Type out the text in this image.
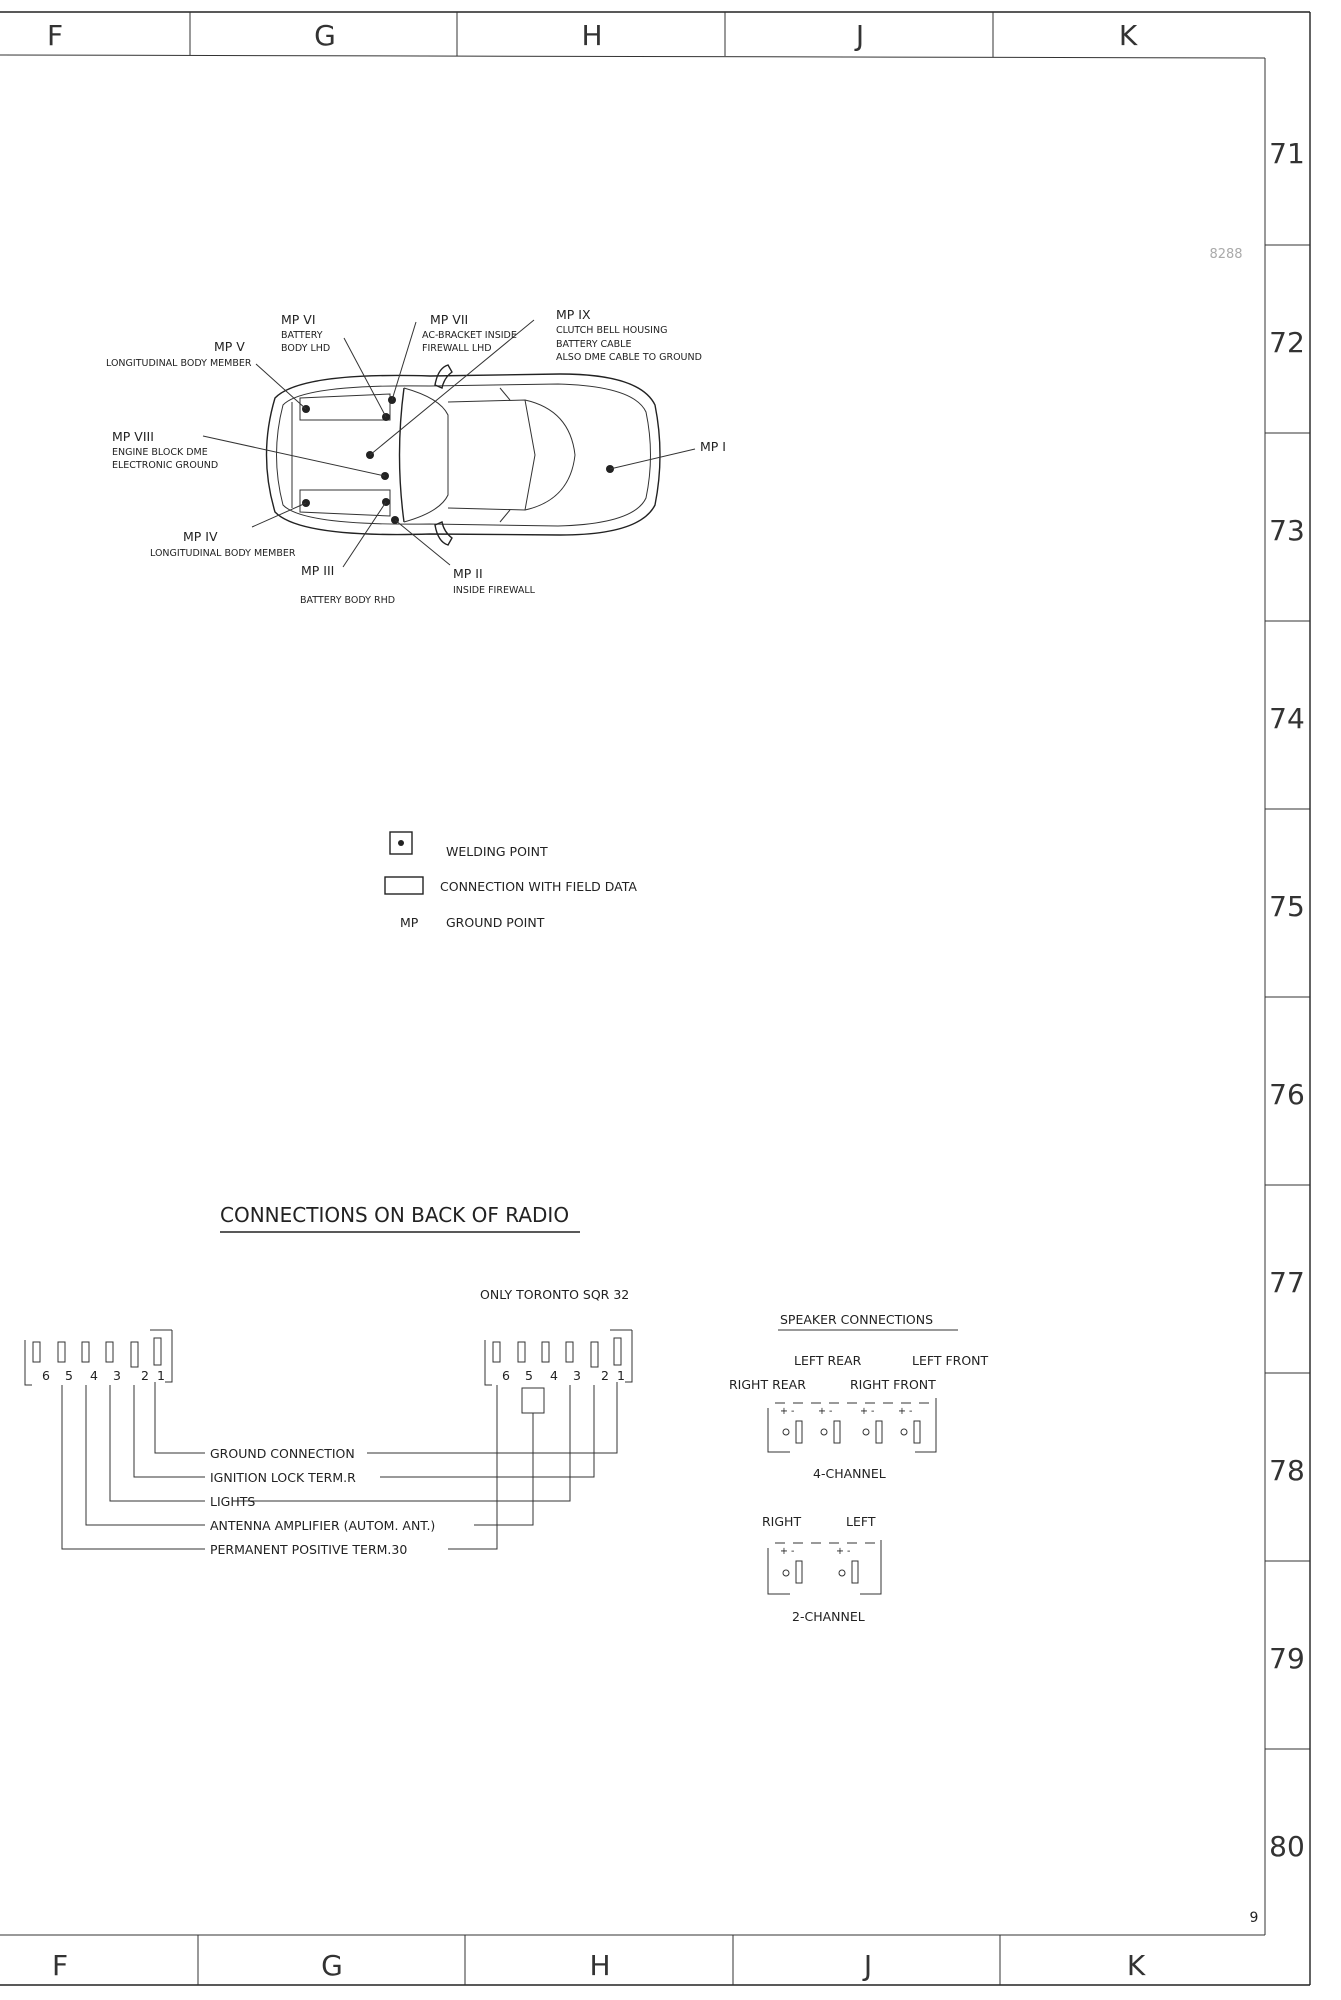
F	G	H	J	K
F	G	H	J	K
71
72
73
74
75
76
77
78
79
80
9
8288
MP I
MP II
INSIDE FIREWALL
MP III
BATTERY BODY RHD
MP IV
LONGITUDINAL BODY MEMBER
MP V
LONGITUDINAL BODY MEMBER
MP VI
BATTERY
BODY LHD
MP VII
AC-BRACKET INSIDE
FIREWALL LHD
MP VIII
ENGINE BLOCK DME
ELECTRONIC GROUND
MP IX
CLUTCH BELL HOUSING
BATTERY CABLE
ALSO DME CABLE TO GROUND
WELDING POINT
CONNECTION WITH FIELD DATA
MP GROUND POINT
CONNECTIONS ON BACK OF RADIO
ONLY TORONTO SQR 32
6 5 4 3 2 1	6 5 4 3 2 1
GROUND CONNECTION
IGNITION LOCK TERM.R
LIGHTS
ANTENNA AMPLIFIER (AUTOM. ANT.)
PERMANENT POSITIVE TERM.30
SPEAKER CONNECTIONS
LEFT REAR	LEFT FRONT
RIGHT REAR	RIGHT FRONT
+ - + -	+ - + -
4-CHANNEL
RIGHT	LEFT
+ -	+ -
2-CHANNEL
